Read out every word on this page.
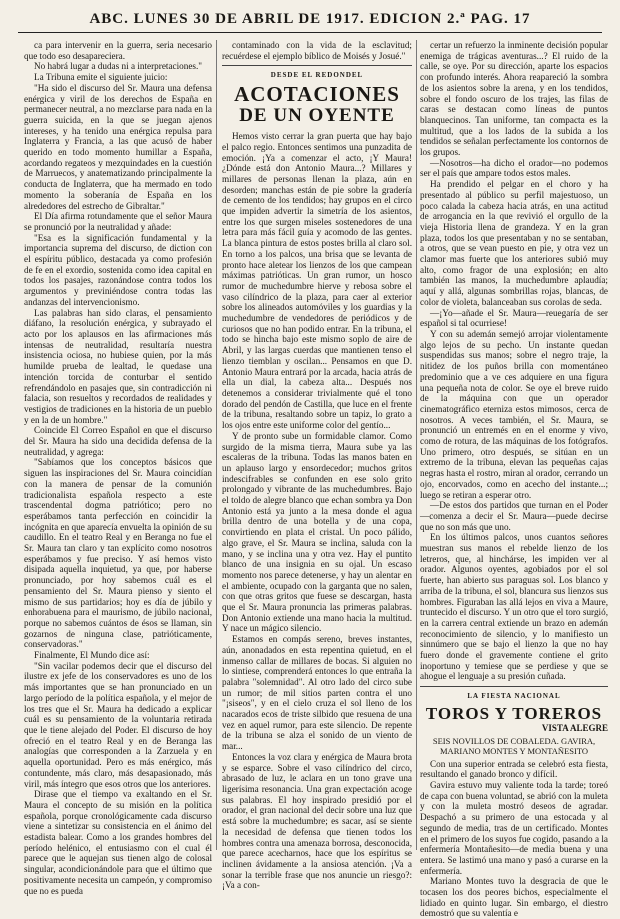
ABC. LUNES 30 DE ABRIL DE 1917. EDICION 2.ª PAG. 17

ca para intervenir en la guerra, seria necesario que todo eso desapareciera.

No habrá lugar a dudas ni a interpretaciones."

La Tribuna emite el siguiente juicio:

"Ha sido el discurso del Sr. Maura una defensa enérgica y viril de los derechos de España en permanecer neutral, a no mezclarse para nada en la guerra suicida, en la que se juegan ajenos intereses, y ha tenido una enérgica repulsa para Inglaterra y Francia, a las que acusó de haber querido en todo momento humillar a España, acordando regateos y mezquindades en la cuestión de Marruecos, y anatematizando principalmente la conducta de Inglaterra, que ha mermado en todo momento la soberanía de España en los alrededores del estrecho de Gibraltar."

El Día afirma rotundamente que el señor Maura se pronunció por la neutralidad y añade:

"Esa es la significación fundamental y la importancia suprema del discurso, de diction con el espíritu público, destacada ya como profesión de fe en el exordio, sostenida como idea capital en todos los pasajes, razonándose contra todos los argumentos y previniéndose contra todas las andanzas del intervencionismo.

Las palabras han sido claras, el pensamiento diáfano, la resolución enérgica, y subrayado el acto por los aplausos en las afirmaciones más intensas de neutralidad, resultaría nuestra insistencia ociosa, no hubiese quien, por la más humilde prueba de lealtad, le quedase una intención torcida de conturbar el sentido refrendándolo en pasajes que, sin contradicción ni falacia, son resueltos y recordados de realidades y vestigios de tradiciones en la historia de un pueblo y en la de un hombre."

Coincide El Correo Español en que el discurso del Sr. Maura ha sido una decidida defensa de la neutralidad, y agrega:

"Sabíamos que los conceptos básicos que siguen las inspiraciones del Sr. Maura coincidían con la manera de pensar de la comunión tradicionalista española respecto a este trascendental dogma patriótico; pero no esperábamos tanta perfección en coincidir la incógnita en que aparecía envuelta la opinión de su caudillo. En el teatro Real y en Beranga no fue el Sr. Maura tan claro y tan explícito como nosotros esperábamos y fue preciso. Y así hemos visto disipada aquella inquietud, ya que, por haberse pronunciado, por hoy sabemos cuál es el pensamiento del Sr. Maura pienso y siento el mismo de sus partidarios; hoy es día de júbilo y enhorabuena para el maurismo, de júbilo nacional, porque no sabemos cuántos de ésos se llaman, sin gozarnos de ninguna clase, patrióticamente, conservadoras."

Finalmente, El Mundo dice así:

"Sin vacilar podemos decir que el discurso del ilustre ex jefe de los conservadores es uno de los más importantes que se han pronunciado en un largo período de la política española, y el mejor de los tres que el Sr. Maura ha dedicado a explicar cuál es su pensamiento de la voluntaria retirada que le tiene alejado del Poder. El discurso de hoy ofreció en el teatro Real y en de Beranga las analogías que corresponden a la Zarzuela y en aquella oportunidad. Pero es más enérgico, más contundente, más claro, más desapasionado, más viril, más íntegro que esos otros que los anteriores.

Dirase que el tiempo va exaltando en el Sr. Maura el concepto de su misión en la política española, porque cronológicamente cada discurso viene a sintetizar su consistencia en el ánimo del estadista balear. Como a los grandes hombres del período helénico, el entusiasmo con el cual él parece que le aquejan sus tienen algo de colosal singular, acondicionándole para que el último que positivamente necesita un campeón, y compromiso que no es pueda

contaminado con la vida de la esclavitud; recuérdese el ejemplo bíblico de Moisés y Josué."

DESDE EL REDONDEL
ACOTACIONES
DE UN OYENTE

Hemos visto cerrar la gran puerta que hay bajo el palco regio. Entonces sentimos una punzadita de emoción. ¡Ya a comenzar el acto, ¡Y Maura! ¿Dónde está don Antonio Maura...? Millares y millares de personas llenan la plaza, aún en desorden; manchas están de pie sobre la gradería de cemento de los tendidos; hay grupos en el circo que impiden advertir la simetría de los asientos, entre los que surgen miseles sostenedores de una letra para más fácil guía y acomodo de las gentes. La blanca pintura de estos postes brilla al claro sol. En torno a los palcos, una brisa que se levanta de pronto hace aletear los lienzos de los que campean máximas patrióticas. Un gran rumor, un hosco rumor de muchedumbre hierve y rebosa sobre el vaso cilíndrico de la plaza, para caer al exterior sobre los alineados automóviles y los guardias y la muchedumbre de vendedores de periódicos y de curiosos que no han podido entrar. En la tribuna, el todo se hincha bajo este mismo soplo de aire de Abril, y las largas cuerdas que mantienen tenso el lienzo tiemblan y oscilan... Pensamos en que D. Antonio Maura entrará por la arcada, hacia atrás de ella un dial, la cabeza alta... Después nos detenemos a considerar trivialmente qué el tono dorado del pendón de Castilla, que luce en el frente de la tribuna, resaltando sobre un tapiz, lo grato a los ojos entre este uniforme color del gentío...

Y de pronto sube un formidable clamor. Como surgido de la misma tierra, Maura sube ya las escaleras de la tribuna. Todas las manos baten en un aplauso largo y ensordecedor; muchos gritos indescifrables se confunden en ese solo grito prolongado y vibrante de las muchedumbres. Bajo el toldo de alegre blanco que echan sombra ya Don Antonio está ya junto a la mesa donde el agua brilla dentro de una botella y de una copa, convirtiendo en plata el cristal. Un poco pálido, algo grave, el Sr. Maura se inclina, saluda con la mano, y se inclina una y otra vez. Hay el puntito blanco de una insignia en su ojal. Un escaso momento nos parece detenerse, y hay un alentar en el ambiente, ocupado con la garganta que no salen, con que otras gritos que fuese se descargan, hasta que el Sr. Maura pronuncia las primeras palabras. Don Antonio extiende una mano hacia la multitud. Y nace un mágico silencio.

Estamos en compás sereno, breves instantes, aún, anonadados en esta repentina quietud, en el inmenso callar de millares de bocas. Si alguien no lo sintiese, comprenderá entonces lo que entraña la palabra "solemnidad". Al otro lado del circo sube un rumor; de mil sitios parten contra el uno "¡siseos", y en el cielo cruza el sol lleno de los nacarados ecos de triste silbido que resuena de una vez en aquel rumor, para este silencio. De repente de la tribuna se alza el sonido de un viento de mar...

Entonces la voz clara y enérgica de Maura brota y se esparce. Sobre el vaso cilíndrico del circo, abrasado de luz, le aclara en un tono grave una ligerísima resonancia. Una gran expectación acoge sus palabras. El hoy inspirado presidió por el orador, el gran nacional del decir sobre una luz que está sobre la muchedumbre; es sacar, así se siente la necesidad de defensa que tienen todos los hombres contra una amenaza borrosa, desconocida, que parece acecharnos, hace que los espíritus se inclinen ávidamente a la ansiosa atención. ¡Va a sonar la terrible frase que nos anuncie un riesgo?: ¡Va a con-

certar un refuerzo la inminente decisión popular enemiga de trágicas aventuras...? El ruido de la calle, se oye. Por su dirección, aparte los espacios con profundo interés. Ahora reapareció la sombra de los asientos sobre la arena, y en los tendidos, sobre el fondo oscuro de los trajes, las filas de caras se destacan como líneas de puntos blanquecinos. Tan uniforme, tan compacta es la multitud, que a los lados de la subida a los tendidos se señalan perfectamente los contornos de los grupos.

—Nosotros—ha dicho el orador—no podemos ser el país que ampare todos estos males.

Ha prendido el pelgar en el choro y ha presentado al público su perfil majestuoso, un poco calada la cabeza hacia atrás, en una actitud de arrogancia en la que revivió el orgullo de la vieja Historia llena de grandeza. Y en la gran plaza, todos los que presentaban y no se sentaban, a otros, que se vean puesto en pie, y otra vez un clamor mas fuerte que los anteriores subió muy alto, como fragor de una explosión; en alto también las manos, la muchedumbre aplaudía; aquí y allá, algunas sombrillas rojas, blancas, de color de violeta, balanceaban sus corolas de seda.

—¡Yo—añade el Sr. Maura—reuegaría de ser español si tal ocurriese!

Y con su ademán semejó arrojar violentamente algo lejos de su pecho. Un instante quedan suspendidas sus manos; sobre el negro traje, la nitidez de los puños brilla con momentáneo predominio que a ve ces adquiere en una figura una pequeña nota de color. Se oye el breve ruido de la máquina con que un operador cinematográfico eterniza estos mimosos, cerca de nosotros. A veces también, el Sr. Maura, se pronunció un entremés en en el enorme y vivo, como de rotura, de las máquinas de los fotógrafos. Uno primero, otro después, se sitúan en un extremo de la tribuna, elevan las pequeñas cajas negras hasta el rostro, miran al orador, cerrando un ojo, encorvados, como en acecho del instante...; luego se retiran a esperar otro.

—De estos dos partidos que turnan en el Poder—comenza a decir el Sr. Maura—puede decirse que no son más que uno.

En los últimos palcos, unos cuantos señores muestran sus manos el rebelde lienzo de los letreros, que, al hinchárse, les impiden ver al orador. Algunos oyentes, agobiados por el sol fuerte, han abierto sus paraguas sol. Los blanco y arriba de la tribuna, el sol, blancura sus lienzos sus hombres. Figuraban las allá lejos en viva a Maure, truntecido el discurso. Y un otro que el toro surgió, en la carrera central extiende un brazo en ademán reconocimiento de silencio, y lo manifiesto un sinnúmero que se bajo el lienzo la que no hay fuero donde el gravemente contiene el grito inoportuno y temiese que se perdiese y que se ahogue el lenguaje a su presión cuñada.

LA FIESTA NACIONAL
TOROS Y TOREROS
VISTA ALEGRE
SEIS NOVILLOS DE COBALEDA. GAVIRA, MARIANO MONTES Y MONTAÑESITO

Con una superior entrada se celebró esta fiesta, resultando el ganado bronco y difícil.

Gavira estuvo muy valiente toda la tarde; toreó de capa con buena voluntad, se abrió con la muleta y con la muleta mostró deseos de agradar. Despachó a su primero de una estocada y al segundo de media, tras de un certificado. Montes en el primero de los suyos fue cogido, pasando a la enfermería Montañesito—de media buena y una entera. Se lastimó una mano y pasó a curarse en la enfermería.

Mariano Montes tuvo la desgracia de que le tocasen los dos peores bichos, especialmente el lidiado en quinto lugar. Sin embargo, el diestro demostró que su valentía e
